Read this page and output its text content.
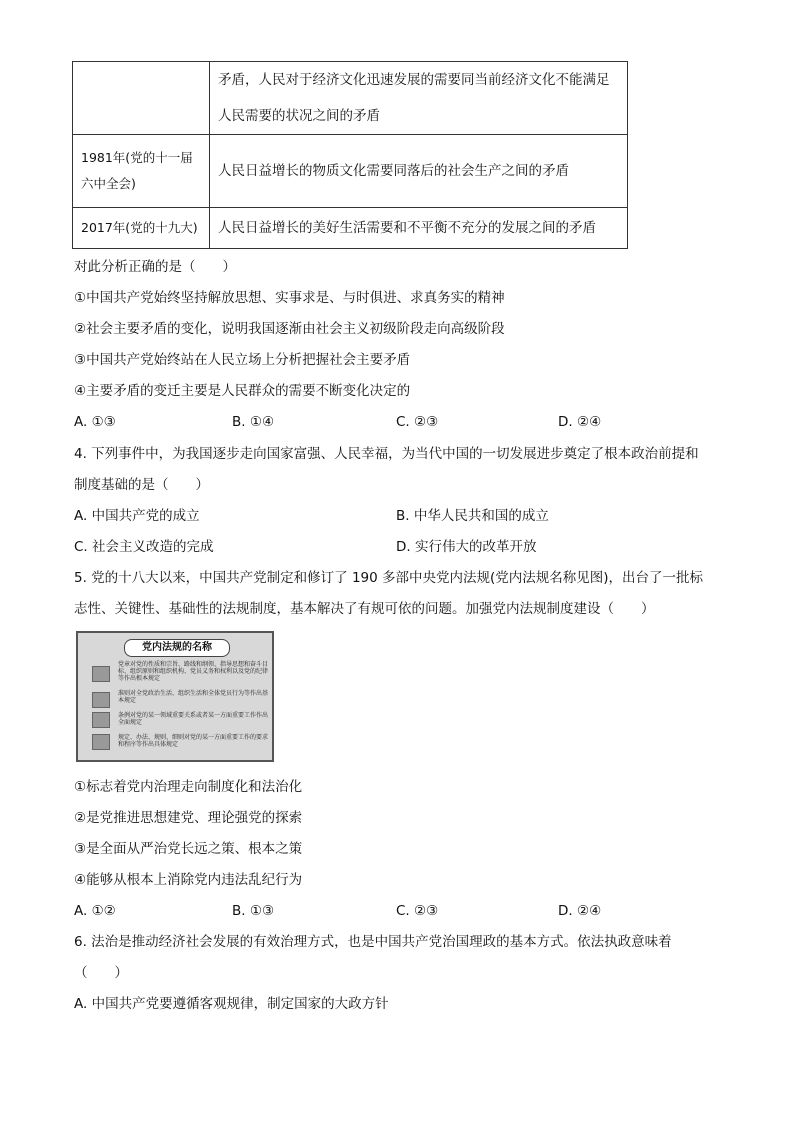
	矛盾，人民对于经济文化迅速发展的需要同当前经济文化不能满足
人民需要的状况之间的矛盾

1981年(党的十一届
六中全会)	人民日益增长的物质文化需要同落后的社会生产之间的矛盾
2017年(党的十九大)	人民日益增长的美好生活需要和不平衡不充分的发展之间的矛盾
对此分析正确的是（　　）
①中国共产党始终坚持解放思想、实事求是、与时俱进、求真务实的精神
②社会主要矛盾的变化，说明我国逐渐由社会主义初级阶段走向高级阶段
③中国共产党始终站在人民立场上分析把握社会主要矛盾
④主要矛盾的变迁主要是人民群众的需要不断变化决定的
A. ①③	B. ①④	C. ②③	D. ②④
4. 下列事件中，为我国逐步走向国家富强、人民幸福，为当代中国的一切发展进步奠定了根本政治前提和
制度基础的是（　　）
A. 中国共产党的成立	B. 中华人民共和国的成立
C. 社会主义改造的完成	D. 实行伟大的改革开放
5. 党的十八大以来，中国共产党制定和修订了 190 多部中央党内法规(党内法规名称见图)，出台了一批标
志性、关键性、基础性的法规制度，基本解决了有规可依的问题。加强党内法规制度建设（　　）
党内法规的名称
党章对党的性质和宗旨、路线和纲领、指导思想和奋斗目标、组织原则和组织机构、党员义务和权利以及党的纪律等作出根本规定
准则对全党政治生活、组织生活和全体党员行为等作出基本规定
条例对党的某一领域重要关系或者某一方面重要工作作出全面规定
规定、办法、规则、细则对党的某一方面重要工作的要求和程序等作出具体规定
①标志着党内治理走向制度化和法治化
②是党推进思想建党、理论强党的探索
③是全面从严治党长远之策、根本之策
④能够从根本上消除党内违法乱纪行为
A. ①②	B. ①③	C. ②③	D. ②④
6. 法治是推动经济社会发展的有效治理方式，也是中国共产党治国理政的基本方式。依法执政意味着
（　　）
A. 中国共产党要遵循客观规律，制定国家的大政方针
